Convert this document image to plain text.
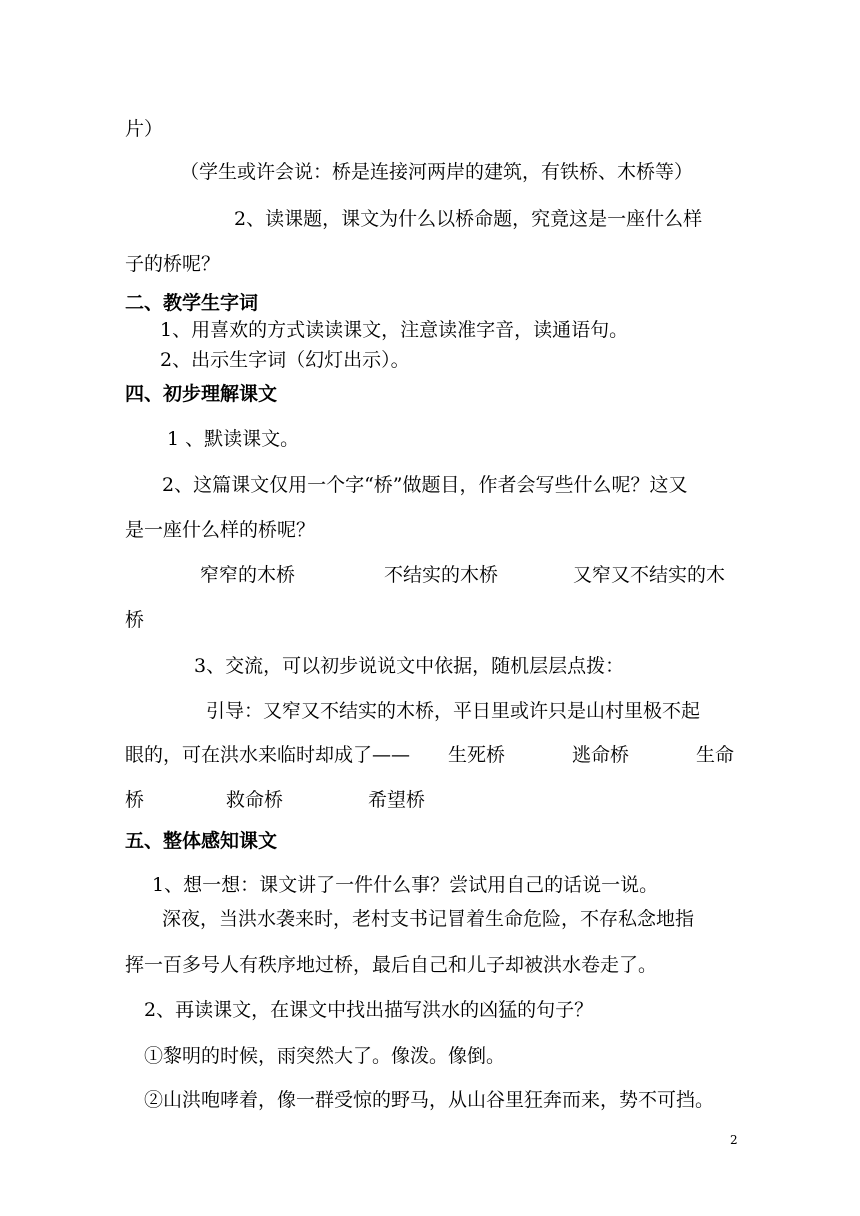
片）
（学生或许会说：桥是连接河两岸的建筑，有铁桥、木桥等）
2、读课题，课文为什么以桥命题，究竟这是一座什么样
子的桥呢？
二、教学生字词
1、用喜欢的方式读读课文，注意读准字音，读通语句。
2、出示生字词（幻灯出示）。
四、初步理解课文
1 、默读课文。
2、这篇课文仅用一个字“桥”做题目，作者会写些什么呢？这又
是一座什么样的桥呢？
窄窄的木桥	不结实的木桥	又窄又不结实的木
桥
3、交流，可以初步说说文中依据，随机层层点拨：
引导：又窄又不结实的木桥，平日里或许只是山村里极不起
眼的，可在洪水来临时却成了—— 生死桥	逃命桥	生命
桥	救命桥	希望桥
五、整体感知课文
1、想一想：课文讲了一件什么事？尝试用自己的话说一说。
深夜，当洪水袭来时，老村支书记冒着生命危险，不存私念地指
挥一百多号人有秩序地过桥，最后自己和儿子却被洪水卷走了。
2、再读课文，在课文中找出描写洪水的凶猛的句子？
①黎明的时候，雨突然大了。像泼。像倒。
②山洪咆哮着，像一群受惊的野马，从山谷里狂奔而来，势不可挡。
2
